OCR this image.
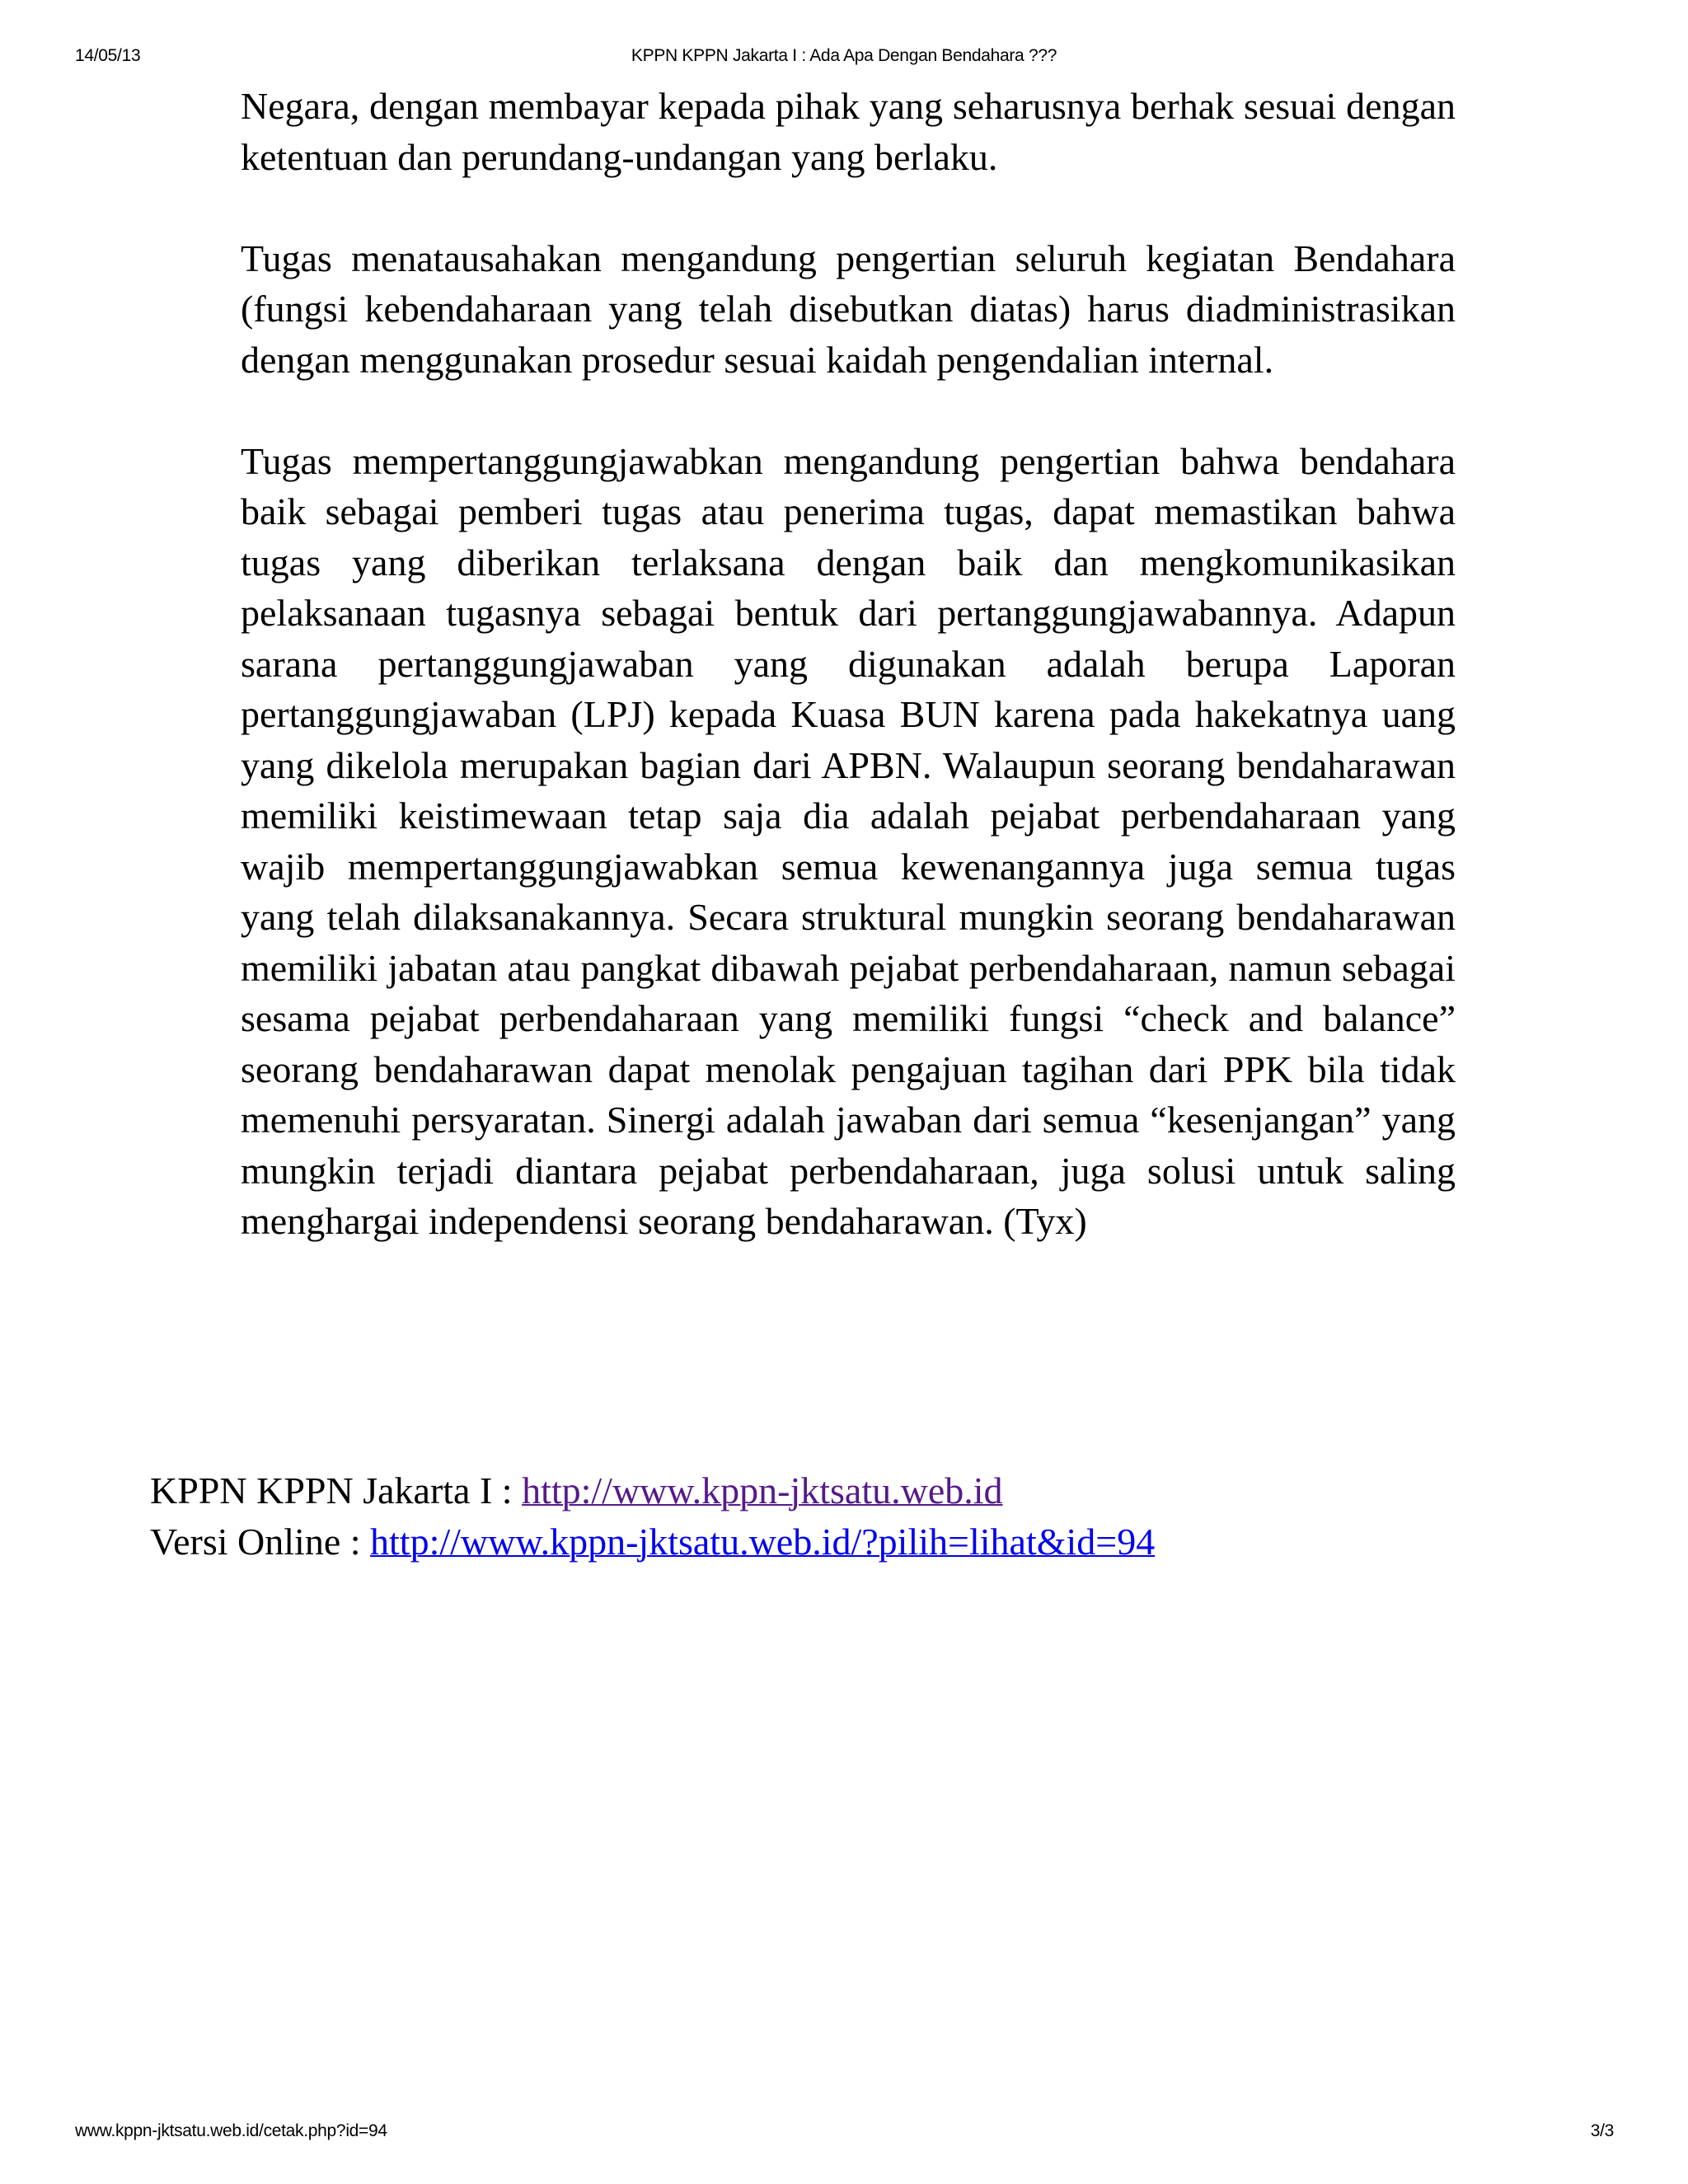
14/05/13	KPPN KPPN Jakarta I : Ada Apa Dengan Bendahara ???

Negara, dengan membayar kepada pihak yang seharusnya berhak sesuai dengan ketentuan dan perundang-undangan yang berlaku.

Tugas menatausahakan mengandung pengertian seluruh kegiatan Bendahara (fungsi kebendaharaan yang telah disebutkan diatas) harus diadministrasikan dengan menggunakan prosedur sesuai kaidah pengendalian internal.

Tugas mempertanggungjawabkan mengandung pengertian bahwa bendahara baik sebagai pemberi tugas atau penerima tugas, dapat memastikan bahwa tugas yang diberikan terlaksana dengan baik dan mengkomunikasikan pelaksanaan tugasnya sebagai bentuk dari pertanggungjawabannya. Adapun sarana pertanggungjawaban yang digunakan adalah berupa Laporan pertanggungjawaban (LPJ) kepada Kuasa BUN karena pada hakekatnya uang yang dikelola merupakan bagian dari APBN. Walaupun seorang bendaharawan memiliki keistimewaan tetap saja dia adalah pejabat perbendaharaan yang wajib mempertanggungjawabkan semua kewenangannya juga semua tugas yang telah dilaksanakannya. Secara struktural mungkin seorang bendaharawan memiliki jabatan atau pangkat dibawah pejabat perbendaharaan, namun sebagai sesama pejabat perbendaharaan yang memiliki fungsi “check and balance” seorang bendaharawan dapat menolak pengajuan tagihan dari PPK bila tidak memenuhi persyaratan. Sinergi adalah jawaban dari semua “kesenjangan” yang mungkin terjadi diantara pejabat perbendaharaan, juga solusi untuk saling menghargai independensi seorang bendaharawan. (Tyx)

KPPN KPPN Jakarta I : http://www.kppn-jktsatu.web.id
Versi Online : http://www.kppn-jktsatu.web.id/?pilih=lihat&id=94
www.kppn-jktsatu.web.id/cetak.php?id=94	3/3
